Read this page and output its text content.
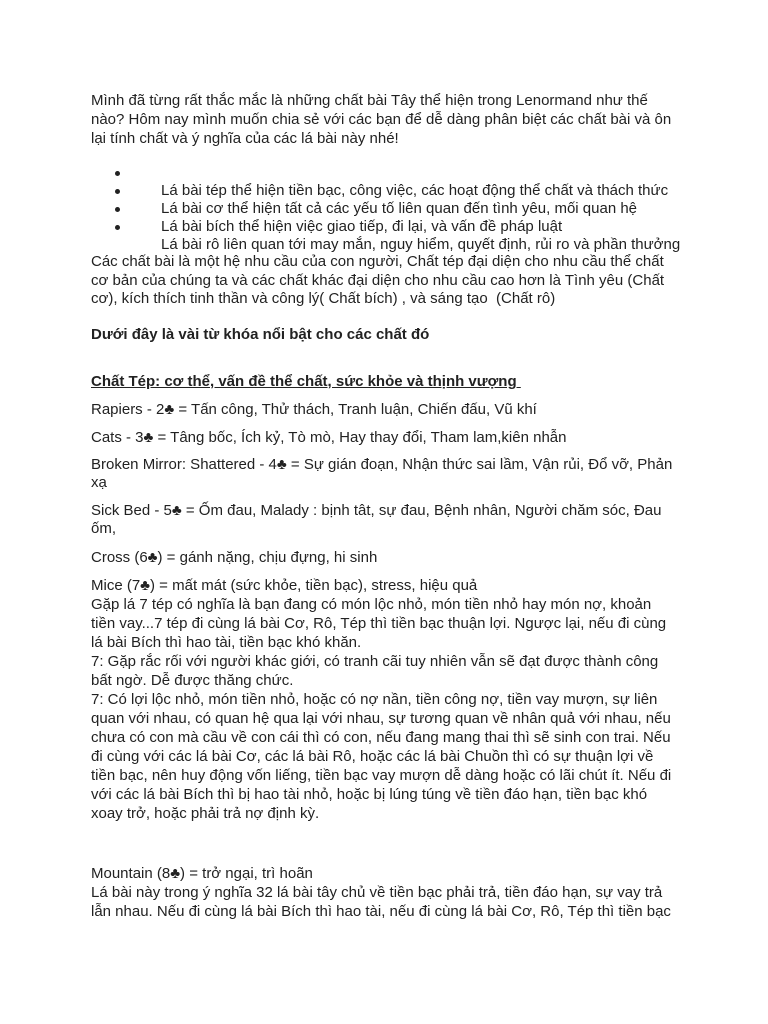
Mình đã từng rất thắc mắc là những chất bài Tây thể hiện trong Lenormand như thế
nào? Hôm nay mình muốn chia sẻ với các bạn để dễ dàng phân biệt các chất bài và ôn
lại tính chất và ý nghĩa của các lá bài này nhé!

Lá bài tép thể hiện tiền bạc, công việc, các hoạt động thể chất và thách thức

Lá bài cơ thể hiện tất cả các yếu tố liên quan đến tình yêu, mối quan hệ

Lá bài bích thể hiện việc giao tiếp, đi lại, và vấn đề pháp luật

Lá bài rô liên quan tới may mắn, nguy hiểm, quyết định, rủi ro và phần thưởng

Các chất bài là một hệ nhu cầu của con người, Chất tép đại diện cho nhu cầu thể chất
cơ bản của chúng ta và các chất khác đại diện cho nhu cầu cao hơn là Tình yêu (Chất
cơ), kích thích tinh thần và công lý( Chất bích) , và sáng tạo  (Chất rô)
Dưới đây là vài từ khóa nổi bật cho các chất đó
Chất Tép: cơ thể, vấn đề thể chất, sức khỏe và thịnh vượng
Rapiers - 2♣ = Tấn công, Thử thách, Tranh luận, Chiến đấu, Vũ khí
Cats - 3♣ = Tâng bốc, Ích kỷ, Tò mò, Hay thay đổi, Tham lam,kiên nhẫn
Broken Mirror: Shattered - 4♣ = Sự gián đoạn, Nhận thức sai lầm, Vận rủi, Đổ vỡ, Phản
xạ
Sick Bed - 5♣ = Ốm đau, Malady : bịnh tât, sự đau, Bệnh nhân, Người chăm sóc, Đau
ốm,
Cross (6♣) = gánh nặng, chịu đựng, hi sinh
Mice (7♣) = mất mát (sức khỏe, tiền bạc), stress, hiệu quả
Gặp lá 7 tép có nghĩa là bạn đang có món lộc nhỏ, món tiền nhỏ hay món nợ, khoản
tiền vay...7 tép đi cùng lá bài Cơ, Rô, Tép thì tiền bạc thuận lợi. Ngược lại, nếu đi cùng
lá bài Bích thì hao tài, tiền bạc khó khăn.
7: Gặp rắc rối với người khác giới, có tranh cãi tuy nhiên vẫn sẽ đạt được thành công
bất ngờ. Dễ được thăng chức.
7: Có lợi lộc nhỏ, món tiền nhỏ, hoặc có nợ nần, tiền công nợ, tiền vay mượn, sự liên
quan với nhau, có quan hệ qua lại với nhau, sự tương quan về nhân quả với nhau, nếu
chưa có con mà cầu về con cái thì có con, nếu đang mang thai thì sẽ sinh con trai. Nếu
đi cùng với các lá bài Cơ, các lá bài Rô, hoặc các lá bài Chuồn thì có sự thuận lợi về
tiền bạc, nên huy động vốn liếng, tiền bạc vay mượn dễ dàng hoặc có lãi chút ít. Nếu đi
với các lá bài Bích thì bị hao tài nhỏ, hoặc bị lúng túng về tiền đáo hạn, tiền bạc khó
xoay trở, hoặc phải trả nợ định kỳ.
Mountain (8♣) = trở ngại, trì hoãn
Lá bài này trong ý nghĩa 32 lá bài tây chủ về tiền bạc phải trả, tiền đáo hạn, sự vay trả
lẫn nhau. Nếu đi cùng lá bài Bích thì hao tài, nếu đi cùng lá bài Cơ, Rô, Tép thì tiền bạc
